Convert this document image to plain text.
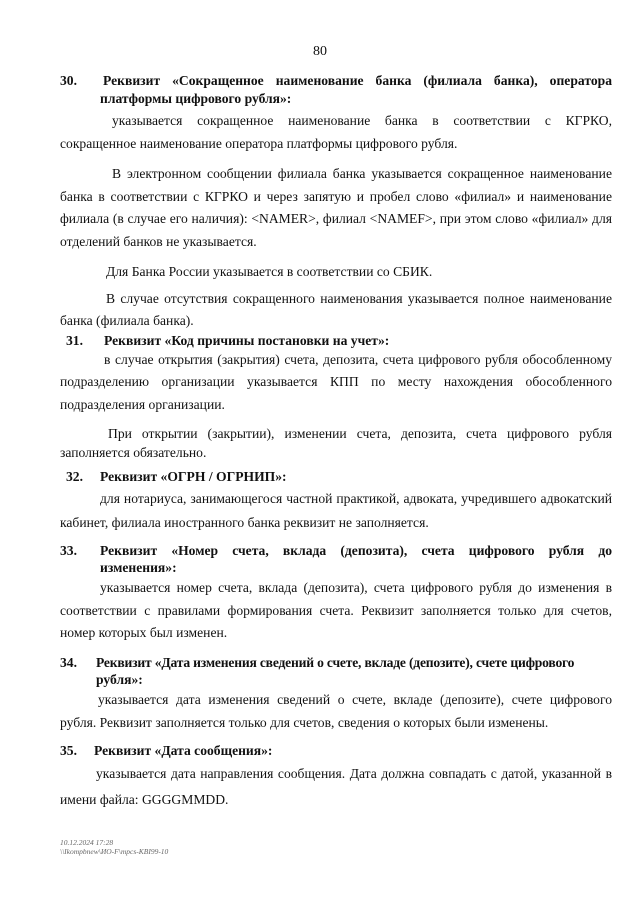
80
30. Реквизит «Сокращенное наименование банка (филиала банка), оператора
платформы цифрового рубля»:

указывается сокращенное наименование банка в соответствии с КГРКО, сокращенное наименование оператора платформы цифрового рубля.

В электронном сообщении филиала банка указывается сокращенное наименование банка в соответствии с КГРКО и через запятую и пробел слово «филиал» и наименование филиала (в случае его наличия): <NAMER>, филиал <NAMEF>, при этом слово «филиал» для отделений банков не указывается.

Для Банка России указывается в соответствии со СБИК.

В случае отсутствия сокращенного наименования указывается полное наименование банка (филиала банка).

31. Реквизит «Код причины постановки на учет»:

в случае открытия (закрытия) счета, депозита, счета цифрового рубля обособленному подразделению организации указывается КПП по месту нахождения обособленного подразделения организации.

При открытии (закрытии), изменении счета, депозита, счета цифрового рубля заполняется обязательно.

32. Реквизит «ОГРН / ОГРНИП»:

для нотариуса, занимающегося частной практикой, адвоката, учредившего адвокатский кабинет, филиала иностранного банка реквизит не заполняется.

33. Реквизит «Номер счета, вклада (депозита), счета цифрового рубля до
изменения»:

указывается номер счета, вклада (депозита), счета цифрового рубля до изменения в соответствии с правилами формирования счета. Реквизит заполняется только для счетов, номер которых был изменен.

34. Реквизит «Дата изменения сведений о счете, вкладе (депозите), счете цифрового
рубля»:

указывается дата изменения сведений о счете, вкладе (депозите), счете цифрового рубля. Реквизит заполняется только для счетов, сведения о которых были изменены.

35. Реквизит «Дата сообщения»:

указывается дата направления сообщения. Дата должна совпадать с датой, указанной в имени файла: GGGGMMDD.

10.12.2024 17:28
\\Ikompbnew\ИО-F\mpcs-KBI99-10
